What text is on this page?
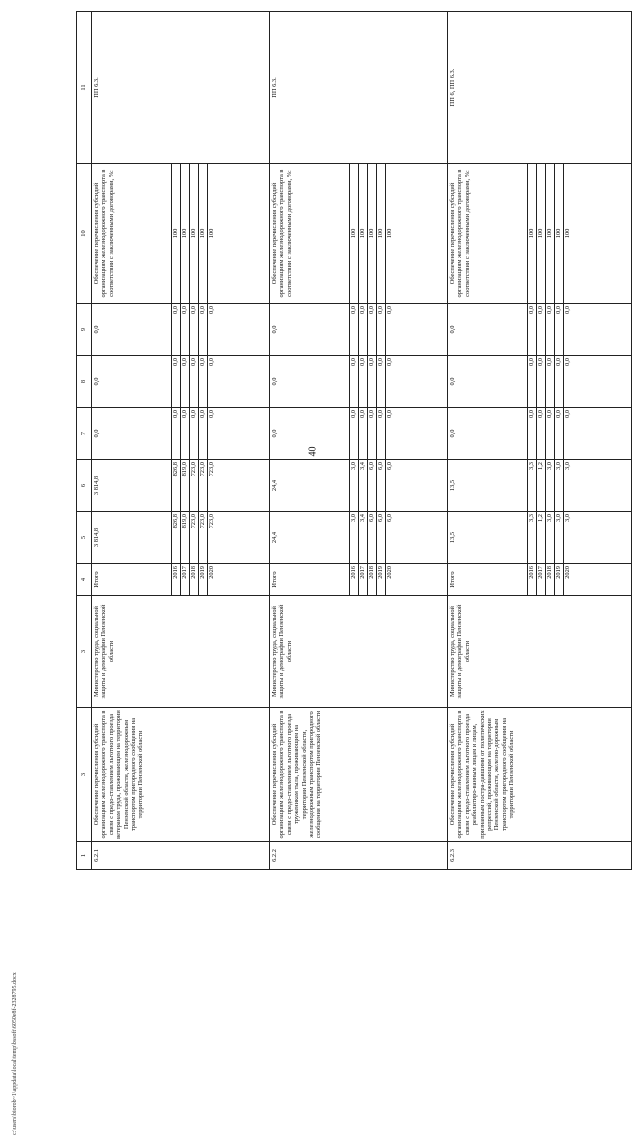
40
c:\users\biorob~1\appdata\local\temp\bssoft\6050e8f-2328795.docx
1	3	3	4	5	6	7	8	9	10	11
6.2.1	Обеспечение перечисления субсидий организациям железнодорожного транспорта в связи с предо-ставлением льготного проезда ветеранам труда, проживающим на территории Пензенской области, железнодорожным транспортом пригородного сообщения на территории Пензенской области	Министерство труда, социальной защиты и демографии Пензенской области	Итого	3 814,8	3 814,8	0,0	0,0	0,0	Обеспечение перечисления субсидий организациям железнодорожного транспорта в соответствии с заключенными договорами, %:	ПП 6.3.
			2016	826,8	826,8	0,0	0,0	0,0	100	
			2017	819,0	819,0	0,0	0,0	0,0	100	
			2018	723,0	723,0	0,0	0,0	0,0	100	
			2019	723,0	723,0	0,0	0,0	0,0	100	
			2020	723,0	723,0	0,0	0,0	0,0	100	
6.2.2	Обеспечение перечисления субсидий организациям железнодорожного транспорта в связи с предо-ставлением льготного проезда труженикам тыла, проживающим на территории Пензенской области, железнодорожным транспортом пригородного сообщения на территории Пензенской области	Министерство труда, социальной защиты и демографии Пензенской области	Итого	24,4	24,4	0,0	0,0	0,0	Обеспечение перечисления субсидий организациям железнодорожного транспорта в соответствии с заключенными договорами, %:	ПП 6.3.
			2016	3,0	3,0	0,0	0,0	0,0	100	
			2017	3,4	3,4	0,0	0,0	0,0	100	
			2018	6,0	6,0	0,0	0,0	0,0	100	
			2019	6,0	6,0	0,0	0,0	0,0	100	
			2020	6,0	6,0	0,0	0,0	0,0	100	
6.2.3	Обеспечение перечисления субсидий организациям железнодорожного транспорта в связи с предо-ставлением льготного проезда реабилитиро-ванным лицам и лицам, признанным постра-давшими от политических репрессий, проживающим на территории Пензенской области, железно-дорожным транспортом пригородного сообщения на территории Пензенской области	Министерство труда, социальной защиты и демографии Пензенской области	Итого	13,5	13,5	0,0	0,0	0,0	Обеспечение перечисления субсидий организациям железнодорожного транспорта в соответствии с заключенными договорами, %:	ПП 6, ПП 6.3.
			2016	3,3	3,3	0,0	0,0	0,0	100	
			2017	1,2	1,2	0,0	0,0	0,0	100	
			2018	3,0	3,0	0,0	0,0	0,0	100	
			2019	3,0	3,0	0,0	0,0	0,0	100	
			2020	3,0	3,0	0,0	0,0	0,0	100	
